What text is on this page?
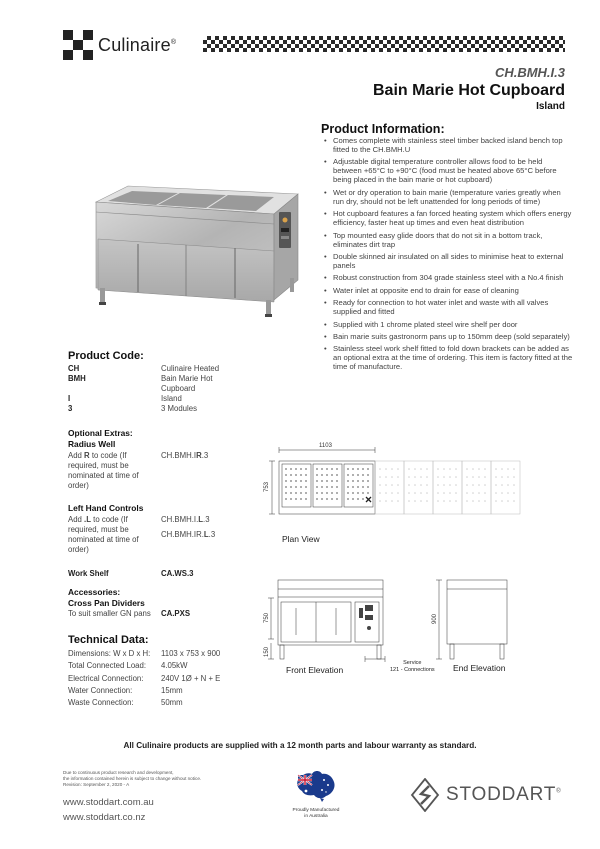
Culinaire®
CH.BMH.I.3
Bain Marie Hot Cupboard
Island
Product Information:
• Comes complete with stainless steel timber backed island bench top fitted to the CH.BMH.U
• Adjustable digital temperature controller allows food to be held between +65°C to +90°C (food must be heated above 65°C before being placed in the bain marie or hot cupboard)
• Wet or dry operation to bain marie (temperature varies greatly when run dry, should not be left unattended for long periods of time)
• Hot cupboard features a fan forced heating system which offers energy efficiency, faster heat up times and even heat distribution
• Top mounted easy glide doors that do not sit in a bottom track, eliminates dirt trap
• Double skinned air insulated on all sides to minimise heat to external panels
• Robust construction from 304 grade stainless steel with a No.4 finish
• Water inlet at opposite end to drain for ease of cleaning
• Ready for connection to hot water inlet and waste with all valves supplied and fitted
• Supplied with 1 chrome plated steel wire shelf per door
• Bain marie suits gastronorm pans up to 150mm deep (sold separately)
• Stainless steel work shelf fitted to fold down brackets can be added as an optional extra at the time of ordering. This item is factory fitted at the time of manufacture.
Product Code:
CH	Culinaire Heated
BMH	Bain Marie Hot Cupboard
I	Island
3	3 Modules
Optional Extras:
Radius Well
Add R to code (If required, must be nominated at time of order)
CH.BMH.IR.3
Left Hand Controls
Add .L to code (If required, must be nominated at time of order)
CH.BMH.I.L.3
CH.BMH.IR.L.3
Work Shelf	CA.WS.3
Accessories:
Cross Pan Dividers
To suit smaller GN pans	CA.PXS
Technical Data:
Dimensions: W x D x H:	1103 x 753 x 900
Total Connected Load:	4.05kW
Electrical Connection:	240V 1Ø + N + E
Water Connection:	15mm
Waste Connection:	50mm
1103
753
Plan View
750
150
Front Elevation
Service
121 - Connections
900
End Elevation
All Culinaire products are supplied with a 12 month parts and labour warranty as standard.
Due to continuous product research and development,
the information contained herein is subject to change without notice.
Revision: September 2, 2020 - A
www.stoddart.com.au
www.stoddart.co.nz
Proudly Manufactured
in Australia
STODDART®
